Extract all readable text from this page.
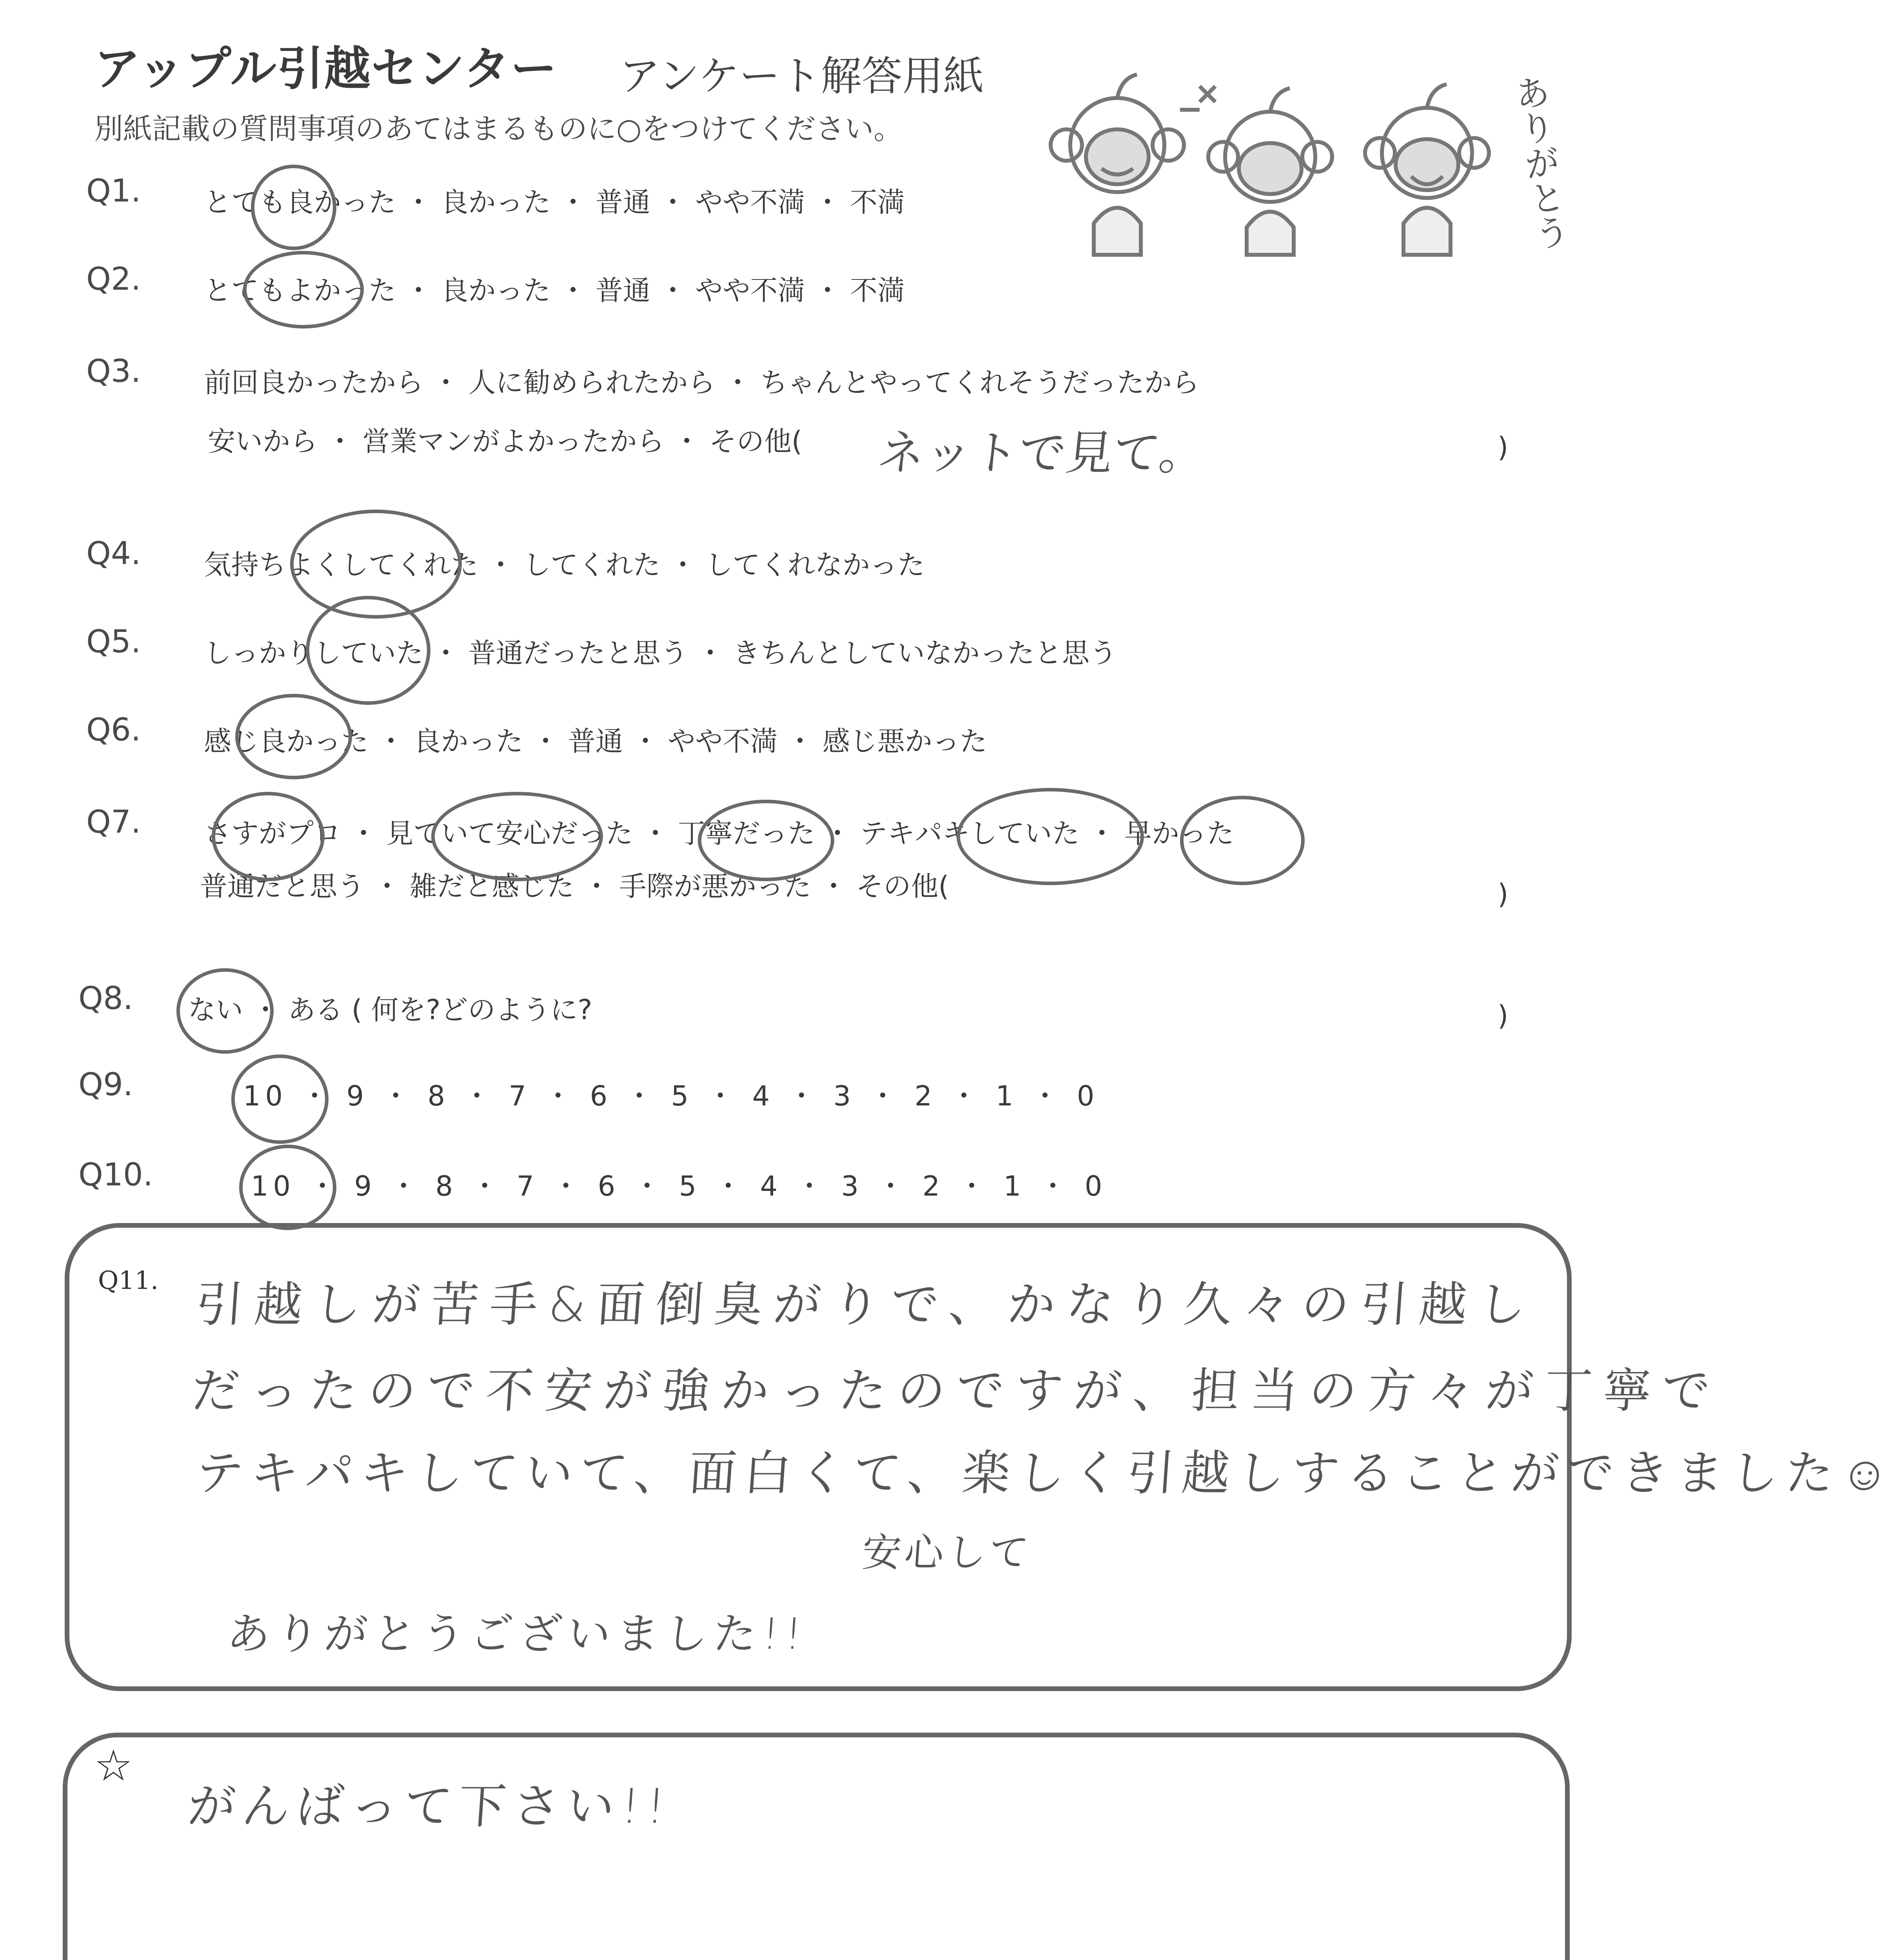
アップル引越センター アンケート解答用紙
別紙記載の質問事項のあてはまるものに○をつけてください。	ありがとう
Q1. とても良かった ・ 良かった ・ 普通 ・ やや不満 ・ 不満
Q2. とてもよかった ・ 良かった ・ 普通 ・ やや不満 ・ 不満
Q3. 前回良かったから ・ 人に勧められたから ・ ちゃんとやってくれそうだったから
安いから ・ 営業マンがよかったから ・ その他( ネットで見て。	)
Q4. 気持ちよくしてくれた ・ してくれた ・ してくれなかった
Q5. しっかりしていた ・ 普通だったと思う ・ きちんとしていなかったと思う
Q6. 感じ良かった ・ 良かった ・ 普通 ・ やや不満 ・ 感じ悪かった
Q7. さすがプロ ・ 見ていて安心だった ・ 丁寧だった ・ テキパキしていた ・ 早かった
普通だと思う ・ 雑だと感じた ・ 手際が悪かった ・ その他(	)
Q8. ない ・ ある ( 何を?どのように?	)
Q9.	10 ・ 9 ・ 8 ・ 7 ・ 6 ・ 5 ・ 4 ・ 3 ・ 2 ・ 1 ・ 0
Q10.	10 ・ 9 ・ 8 ・ 7 ・ 6 ・ 5 ・ 4 ・ 3 ・ 2 ・ 1 ・ 0
Q11. 引越しが苦手&面倒臭がりで、かなり久々の引越し
だったので不安が強かったのですが、担当の方々が丁寧で
テキパキしていて、面白くて、楽しく引越しすることができました☺
安心して
ありがとうございました!!
☆
がんばって下さい!!
